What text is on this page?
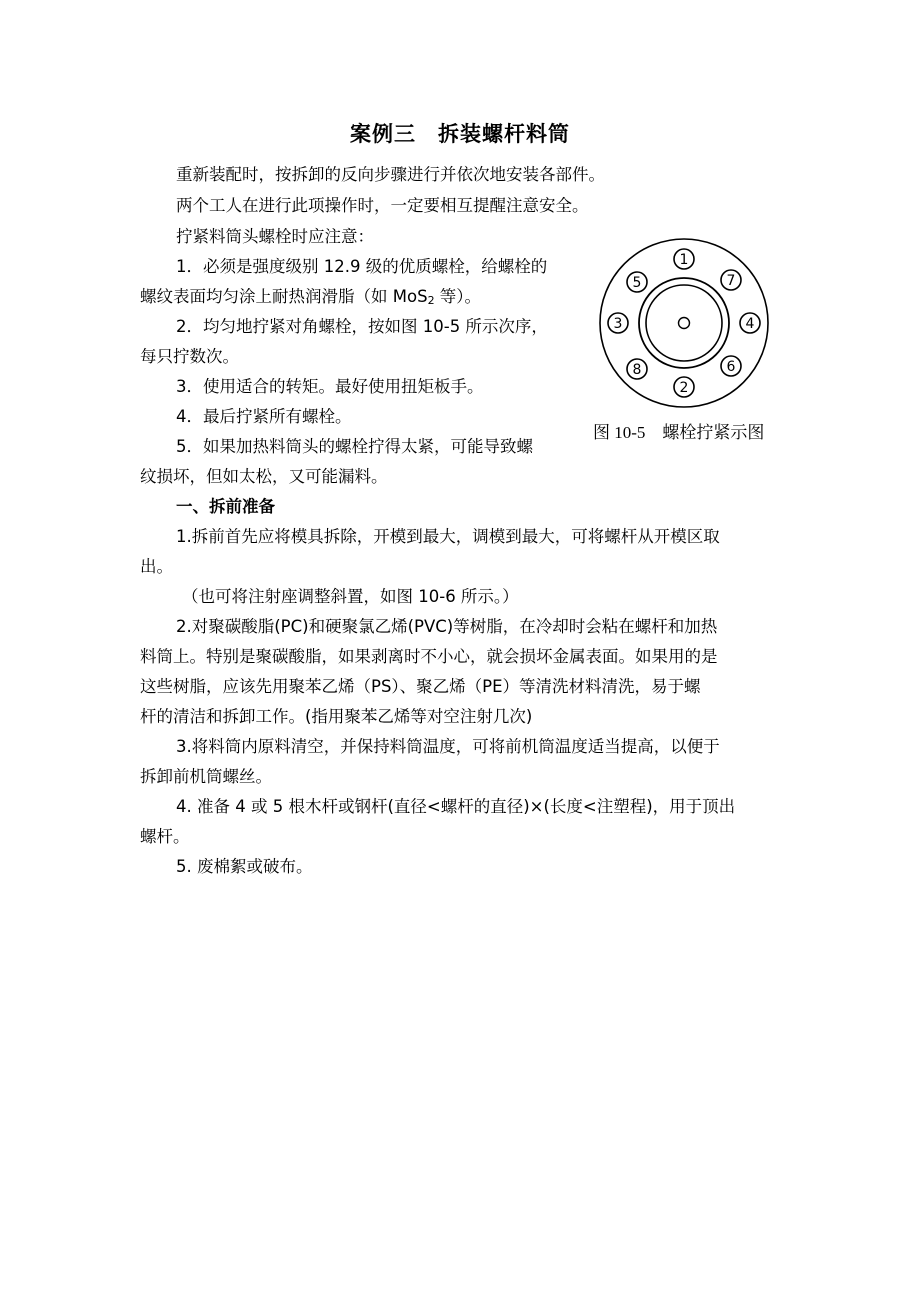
案例三　拆装螺杆料筒
重新装配时，按拆卸的反向步骤进行并依次地安装各部件。
两个工人在进行此项操作时，一定要相互提醒注意安全。
拧紧料筒头螺栓时应注意：
1．必须是强度级别 12.9 级的优质螺栓，给螺栓的
螺纹表面均匀涂上耐热润滑脂（如 MoS$_2$ 等）。
2．均匀地拧紧对角螺栓，按如图 10-5 所示次序，
每只拧数次。
3．使用适合的转矩。最好使用扭矩板手。
4．最后拧紧所有螺栓。
5．如果加热料筒头的螺栓拧得太紧，可能导致螺
纹损坏，但如太松，又可能漏料。
1
2
3	4
5
6
7
8
图 10-5　螺栓拧紧示图
一、拆前准备
1.拆前首先应将模具拆除，开模到最大，调模到最大，可将螺杆从开模区取
出。
（也可将注射座调整斜置，如图 10-6 所示。）
2.对聚碳酸脂(PC)和硬聚氯乙烯(PVC)等树脂，在冷却时会粘在螺杆和加热
料筒上。特别是聚碳酸脂，如果剥离时不小心，就会损坏金属表面。如果用的是
这些树脂，应该先用聚苯乙烯（PS）、聚乙烯（PE）等清洗材料清洗，易于螺
杆的清洁和拆卸工作。(指用聚苯乙烯等对空注射几次)
3.将料筒内原料清空，并保持料筒温度，可将前机筒温度适当提高，以便于
拆卸前机筒螺丝。
4. 准备 4 或 5 根木杆或钢杆(直径<螺杆的直径)×(长度<注塑程)，用于顶出
螺杆。
5. 废棉絮或破布。
